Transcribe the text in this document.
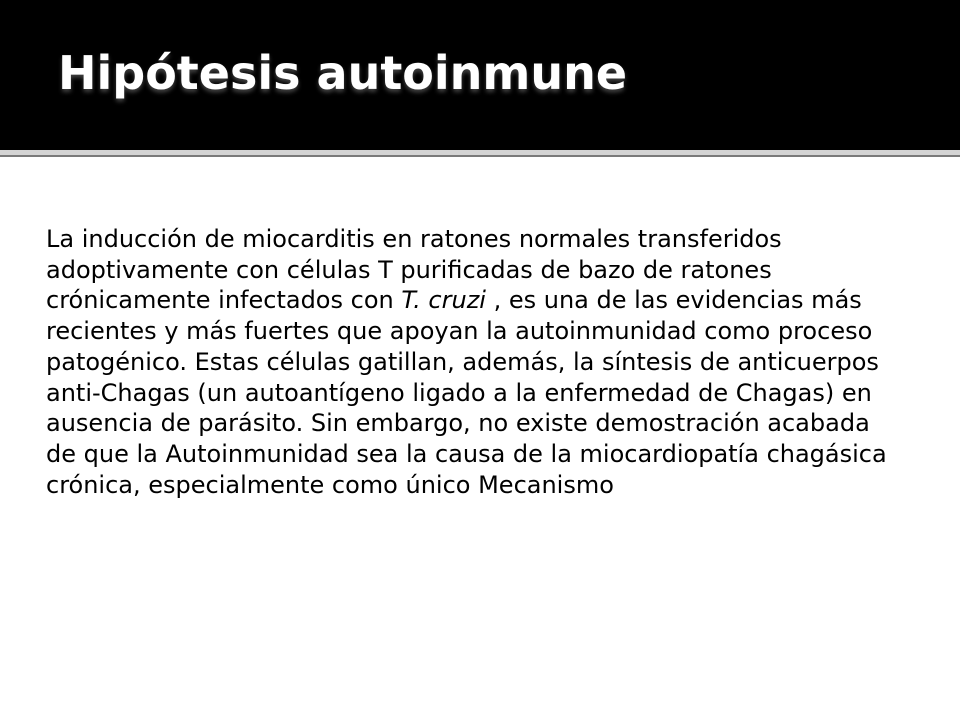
Hipótesis autoinmune

La inducción de miocarditis en ratones normales transferidos adoptivamente con células T purificadas de bazo de ratones crónicamente infectados con T. cruzi , es una de las evidencias más recientes y más fuertes que apoyan la autoinmunidad como proceso patogénico. Estas células gatillan, además, la síntesis de anticuerpos anti-Chagas (un autoantígeno ligado a la enfermedad de Chagas) en ausencia de parásito. Sin embargo, no existe demostración acabada de que la Autoinmunidad sea la causa de la miocardiopatía chagásica crónica, especialmente como único Mecanismo
